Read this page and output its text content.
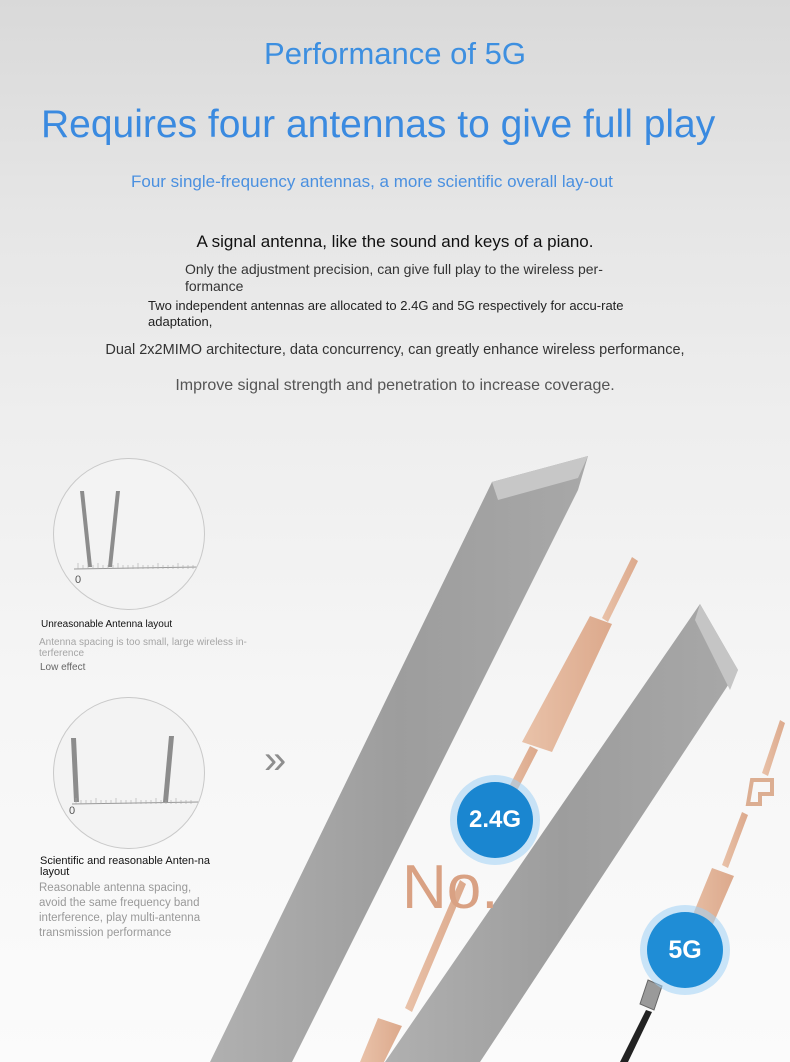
Performance of 5G
Requires four antennas to give full play
Four single-frequency antennas, a more scientific overall lay-out
A signal antenna, like the sound and keys of a piano.
Only the adjustment precision, can give full play to the wireless per-formance
Two independent antennas are allocated to 2.4G and 5G respectively for accu-rate adaptation,
Dual 2x2MIMO architecture, data concurrency, can greatly enhance wireless performance,
Improve signal strength and penetration to increase coverage.
0
Unreasonable Antenna layout
Antenna spacing is too small, large wireless in-terference
Low effect
0
Scientific and reasonable Anten-na layout
Reasonable antenna spacing, avoid the same frequency band interference, play multi-antenna transmission performance
»
2.4G
5G
No.
